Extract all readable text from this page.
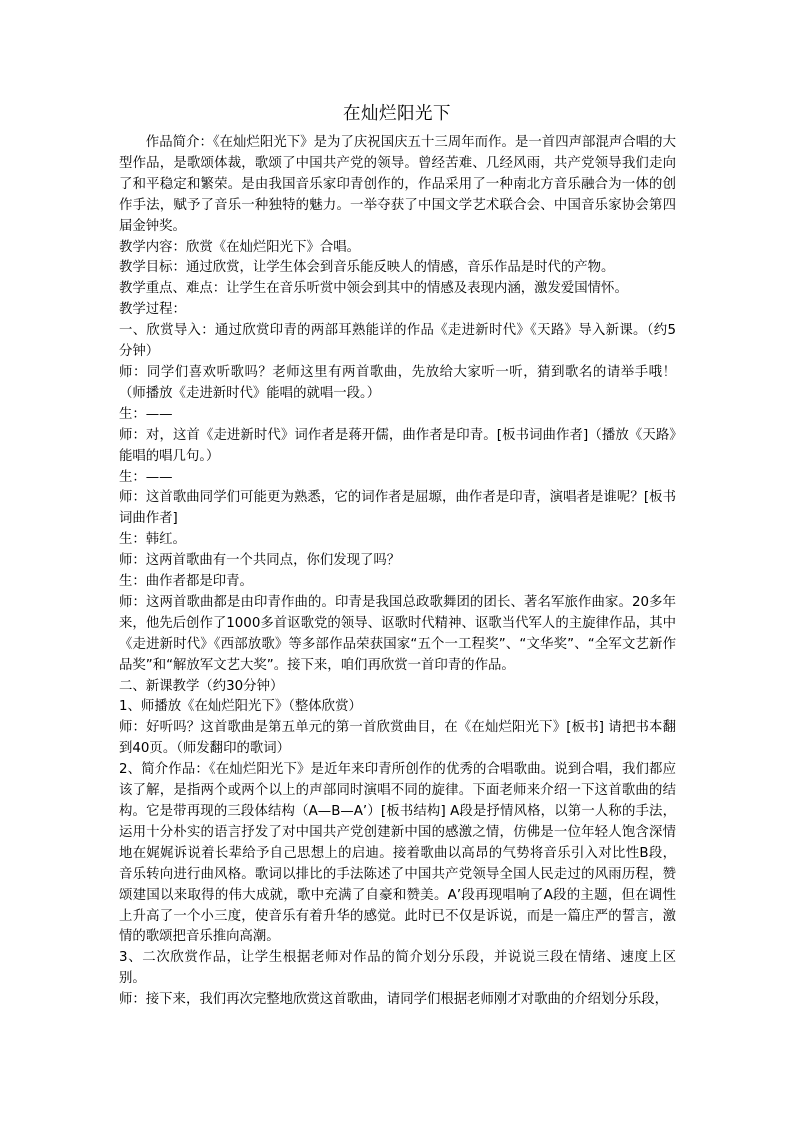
在灿烂阳光下

作品简介：《在灿烂阳光下》是为了庆祝国庆五十三周年而作。是一首四声部混声合唱的大型作品，是歌颂体裁，歌颂了中国共产党的领导。曾经苦难、几经风雨，共产党领导我们走向了和平稳定和繁荣。是由我国音乐家印青创作的，作品采用了一种南北方音乐融合为一体的创作手法，赋予了音乐一种独特的魅力。一举夺获了中国文学艺术联合会、中国音乐家协会第四届金钟奖。

教学内容：欣赏《在灿烂阳光下》合唱。

教学目标：通过欣赏，让学生体会到音乐能反映人的情感，音乐作品是时代的产物。

教学重点、难点：让学生在音乐听赏中领会到其中的情感及表现内涵，激发爱国情怀。

教学过程：

一、欣赏导入：通过欣赏印青的两部耳熟能详的作品《走进新时代》《天路》导入新课。（约5分钟）

师：同学们喜欢听歌吗？老师这里有两首歌曲，先放给大家听一听，猜到歌名的请举手哦！（师播放《走进新时代》能唱的就唱一段。）

生：——

师：对，这首《走进新时代》词作者是蒋开儒，曲作者是印青。[板书词曲作者]（播放《天路》能唱的唱几句。）

生：——

师：这首歌曲同学们可能更为熟悉，它的词作者是屈塬，曲作者是印青，演唱者是谁呢？[板书词曲作者]

生：韩红。

师：这两首歌曲有一个共同点，你们发现了吗？

生：曲作者都是印青。

师：这两首歌曲都是由印青作曲的。印青是我国总政歌舞团的团长、著名军旅作曲家。20多年来，他先后创作了1000多首讴歌党的领导、讴歌时代精神、讴歌当代军人的主旋律作品，其中《走进新时代》《西部放歌》等多部作品荣获国家“五个一工程奖”、“文华奖”、“全军文艺新作品奖”和“解放军文艺大奖”。接下来，咱们再欣赏一首印青的作品。

二、新课教学（约30分钟）

1、师播放《在灿烂阳光下》（整体欣赏）

师：好听吗？这首歌曲是第五单元的第一首欣赏曲目，在《在灿烂阳光下》[板书] 请把书本翻到40页。（师发翻印的歌词）

2、简介作品：《在灿烂阳光下》是近年来印青所创作的优秀的合唱歌曲。说到合唱，我们都应该了解，是指两个或两个以上的声部同时演唱不同的旋律。下面老师来介绍一下这首歌曲的结构。它是带再现的三段体结构（A—B—A’）[板书结构] A段是抒情风格，以第一人称的手法，运用十分朴实的语言抒发了对中国共产党创建新中国的感激之情，仿佛是一位年轻人饱含深情地在娓娓诉说着长辈给予自己思想上的启迪。接着歌曲以高昂的气势将音乐引入对比性B段，音乐转向进行曲风格。歌词以排比的手法陈述了中国共产党领导全国人民走过的风雨历程，赞颂建国以来取得的伟大成就，歌中充满了自豪和赞美。A’段再现唱响了A段的主题，但在调性上升高了一个小三度，使音乐有着升华的感觉。此时已不仅是诉说，而是一篇庄严的誓言，激情的歌颂把音乐推向高潮。

3、二次欣赏作品，让学生根据老师对作品的简介划分乐段，并说说三段在情绪、速度上区别。

师：接下来，我们再次完整地欣赏这首歌曲，请同学们根据老师刚才对歌曲的介绍划分乐段，
